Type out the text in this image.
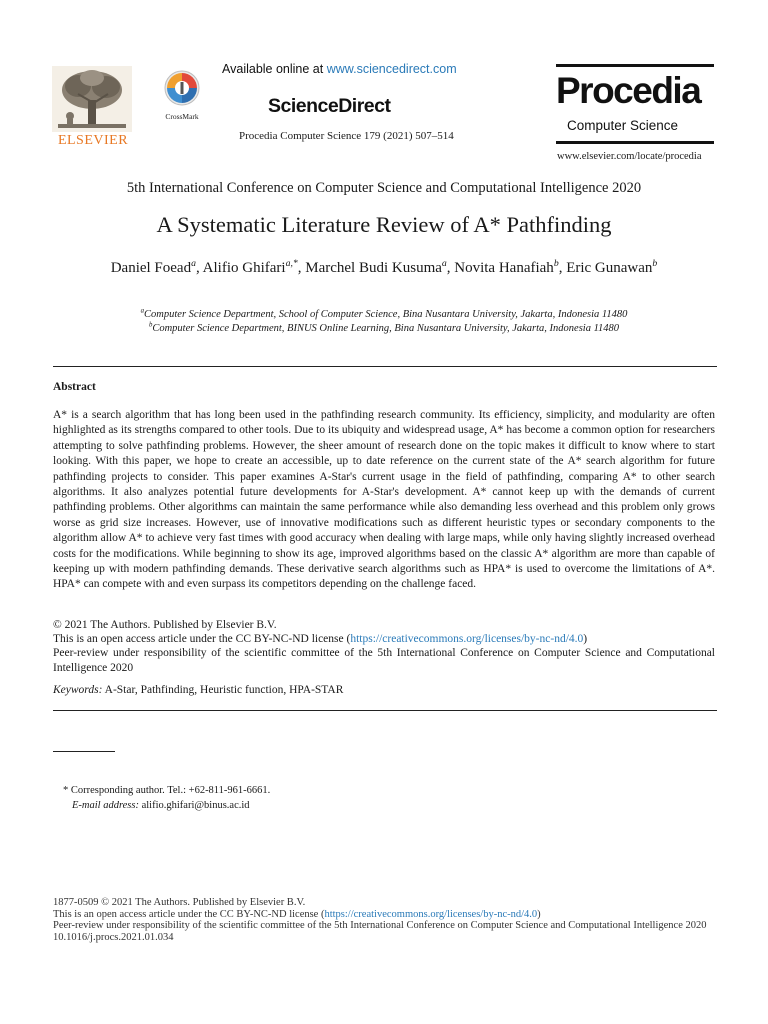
ELSEVIER
CrossMark
Available online at www.sciencedirect.com
ScienceDirect
Procedia Computer Science 179 (2021) 507–514
Procedia
Computer Science
www.elsevier.com/locate/procedia
5th International Conference on Computer Science and Computational Intelligence 2020
A Systematic Literature Review of A* Pathfinding
Daniel Foead$^a$, Alifio Ghifari$^{a,*}$, Marchel Budi Kusuma$^a$, Novita Hanafiah$^b$, Eric Gunawan$^b$
$^a$Computer Science Department, School of Computer Science, Bina Nusantara University, Jakarta, Indonesia 11480
$^b$Computer Science Department, BINUS Online Learning, Bina Nusantara University, Jakarta, Indonesia 11480
Abstract

A* is a search algorithm that has long been used in the pathfinding research community. Its efficiency, simplicity, and modularity are often highlighted as its strengths compared to other tools. Due to its ubiquity and widespread usage, A* has become a common option for researchers attempting to solve pathfinding problems. However, the sheer amount of research done on the topic makes it difficult to know where to start looking. With this paper, we hope to create an accessible, up to date reference on the current state of the A* search algorithm for future pathfinding projects to consider. This paper examines A-Star's current usage in the field of pathfinding, comparing A* to other search algorithms. It also analyzes potential future developments for A-Star's development. A* cannot keep up with the demands of current pathfinding problems. Other algorithms can maintain the same performance while also demanding less overhead and this problem only grows worse as grid size increases. However, use of innovative modifications such as different heuristic types or secondary components to the algorithm allow A* to achieve very fast times with good accuracy when dealing with large maps, while only having slightly increased overhead costs for the modifications. While beginning to show its age, improved algorithms based on the classic A* algorithm are more than capable of keeping up with modern pathfinding demands. These derivative search algorithms such as HPA* is used to overcome the limitations of A*. HPA* can compete with and even surpass its competitors depending on the challenge faced.

© 2021 The Authors. Published by Elsevier B.V.
This is an open access article under the CC BY-NC-ND license (https://creativecommons.org/licenses/by-nc-nd/4.0)
Peer-review under responsibility of the scientific committee of the 5th International Conference on Computer Science and Computational Intelligence 2020
Keywords: A-Star, Pathfinding, Heuristic function, HPA-STAR
* Corresponding author. Tel.: +62-811-961-6661.
E-mail address: alifio.ghifari@binus.ac.id
1877-0509 © 2021 The Authors. Published by Elsevier B.V.
This is an open access article under the CC BY-NC-ND license (https://creativecommons.org/licenses/by-nc-nd/4.0)
Peer-review under responsibility of the scientific committee of the 5th International Conference on Computer Science and Computational Intelligence 2020
10.1016/j.procs.2021.01.034
